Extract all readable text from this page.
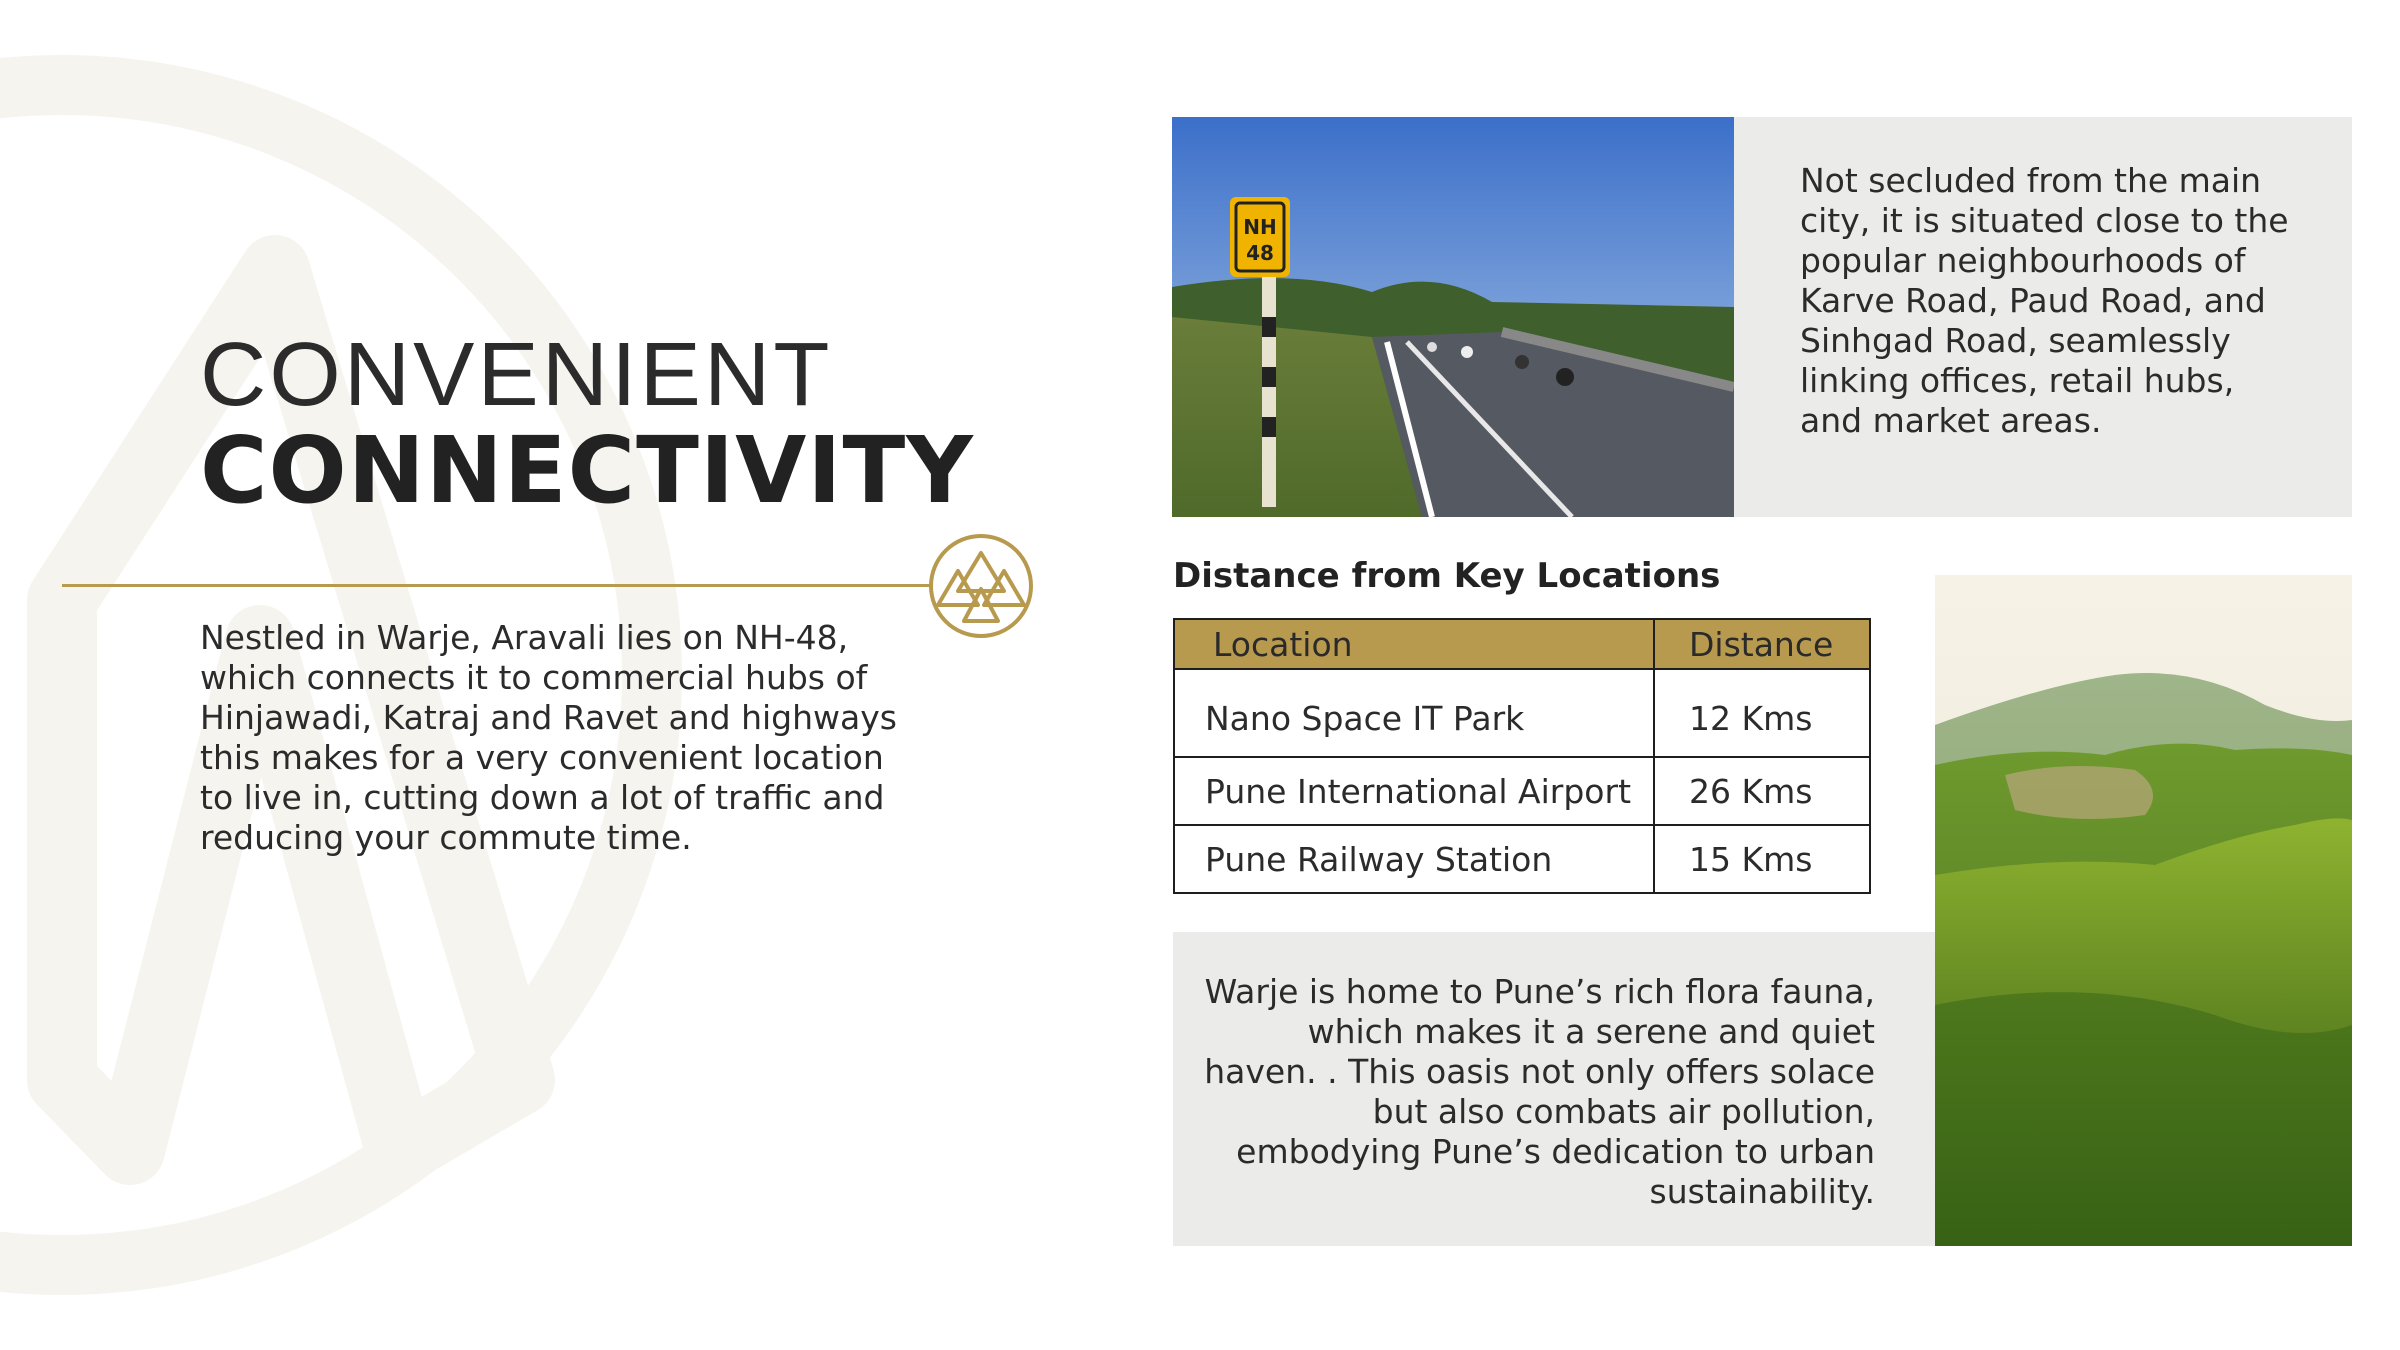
CONVENIENT
CONNECTIVITY

Nestled in Warje, Aravali lies on NH-48, which connects it to commercial hubs of Hinjawadi, Katraj and Ravet and highways this makes for a very convenient location to live in, cutting down a lot of traffic and reducing your commute time.

NH
48

Not secluded from the main city, it is situated close to the popular neighbourhoods of Karve Road, Paud Road, and Sinhgad Road, seamlessly linking offices, retail hubs, and market areas.

Distance from Key Locations
Location	Distance
Nano Space IT Park	12 Kms
Pune International Airport	26 Kms
Pune Railway Station	15 Kms

Warje is home to Pune’s rich flora fauna, which makes it a serene and quiet haven. . This oasis not only offers solace but also combats air pollution, embodying Pune’s dedication to urban sustainability.
